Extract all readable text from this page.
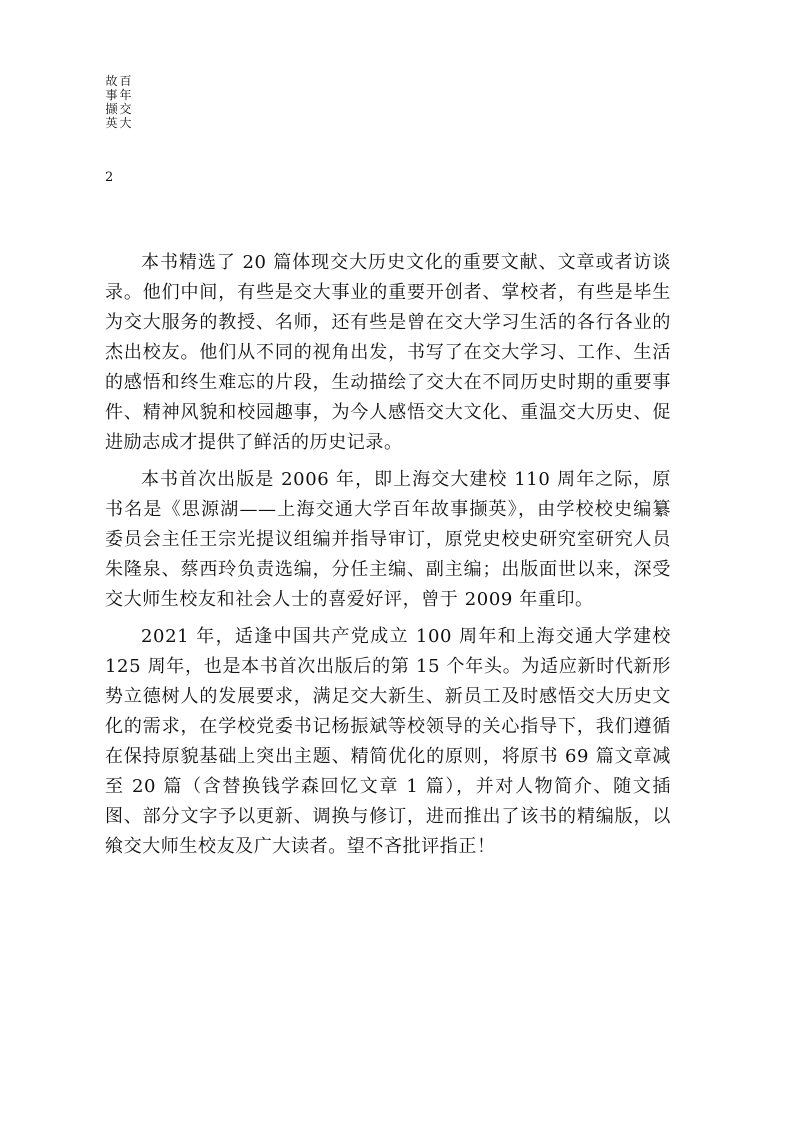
百
年
交
大
故
事
撷
英
2

本书精选了 20 篇体现交大历史文化的重要文献、文章或者访谈录。他们中间，有些是交大事业的重要开创者、掌校者，有些是毕生为交大服务的教授、名师，还有些是曾在交大学习生活的各行各业的杰出校友。他们从不同的视角出发，书写了在交大学习、工作、生活的感悟和终生难忘的片段，生动描绘了交大在不同历史时期的重要事件、精神风貌和校园趣事，为今人感悟交大文化、重温交大历史、促进励志成才提供了鲜活的历史记录。

本书首次出版是 2006 年，即上海交大建校 110 周年之际，原书名是《思源湖——上海交通大学百年故事撷英》，由学校校史编纂委员会主任王宗光提议组编并指导审订，原党史校史研究室研究人员朱隆泉、蔡西玲负责选编，分任主编、副主编；出版面世以来，深受交大师生校友和社会人士的喜爱好评，曾于 2009 年重印。

2021 年，适逢中国共产党成立 100 周年和上海交通大学建校 125 周年，也是本书首次出版后的第 15 个年头。为适应新时代新形势立德树人的发展要求，满足交大新生、新员工及时感悟交大历史文化的需求，在学校党委书记杨振斌等校领导的关心指导下，我们遵循在保持原貌基础上突出主题、精简优化的原则，将原书 69 篇文章减至 20 篇（含替换钱学森回忆文章 1 篇），并对人物简介、随文插图、部分文字予以更新、调换与修订，进而推出了该书的精编版，以飨交大师生校友及广大读者。望不吝批评指正！
